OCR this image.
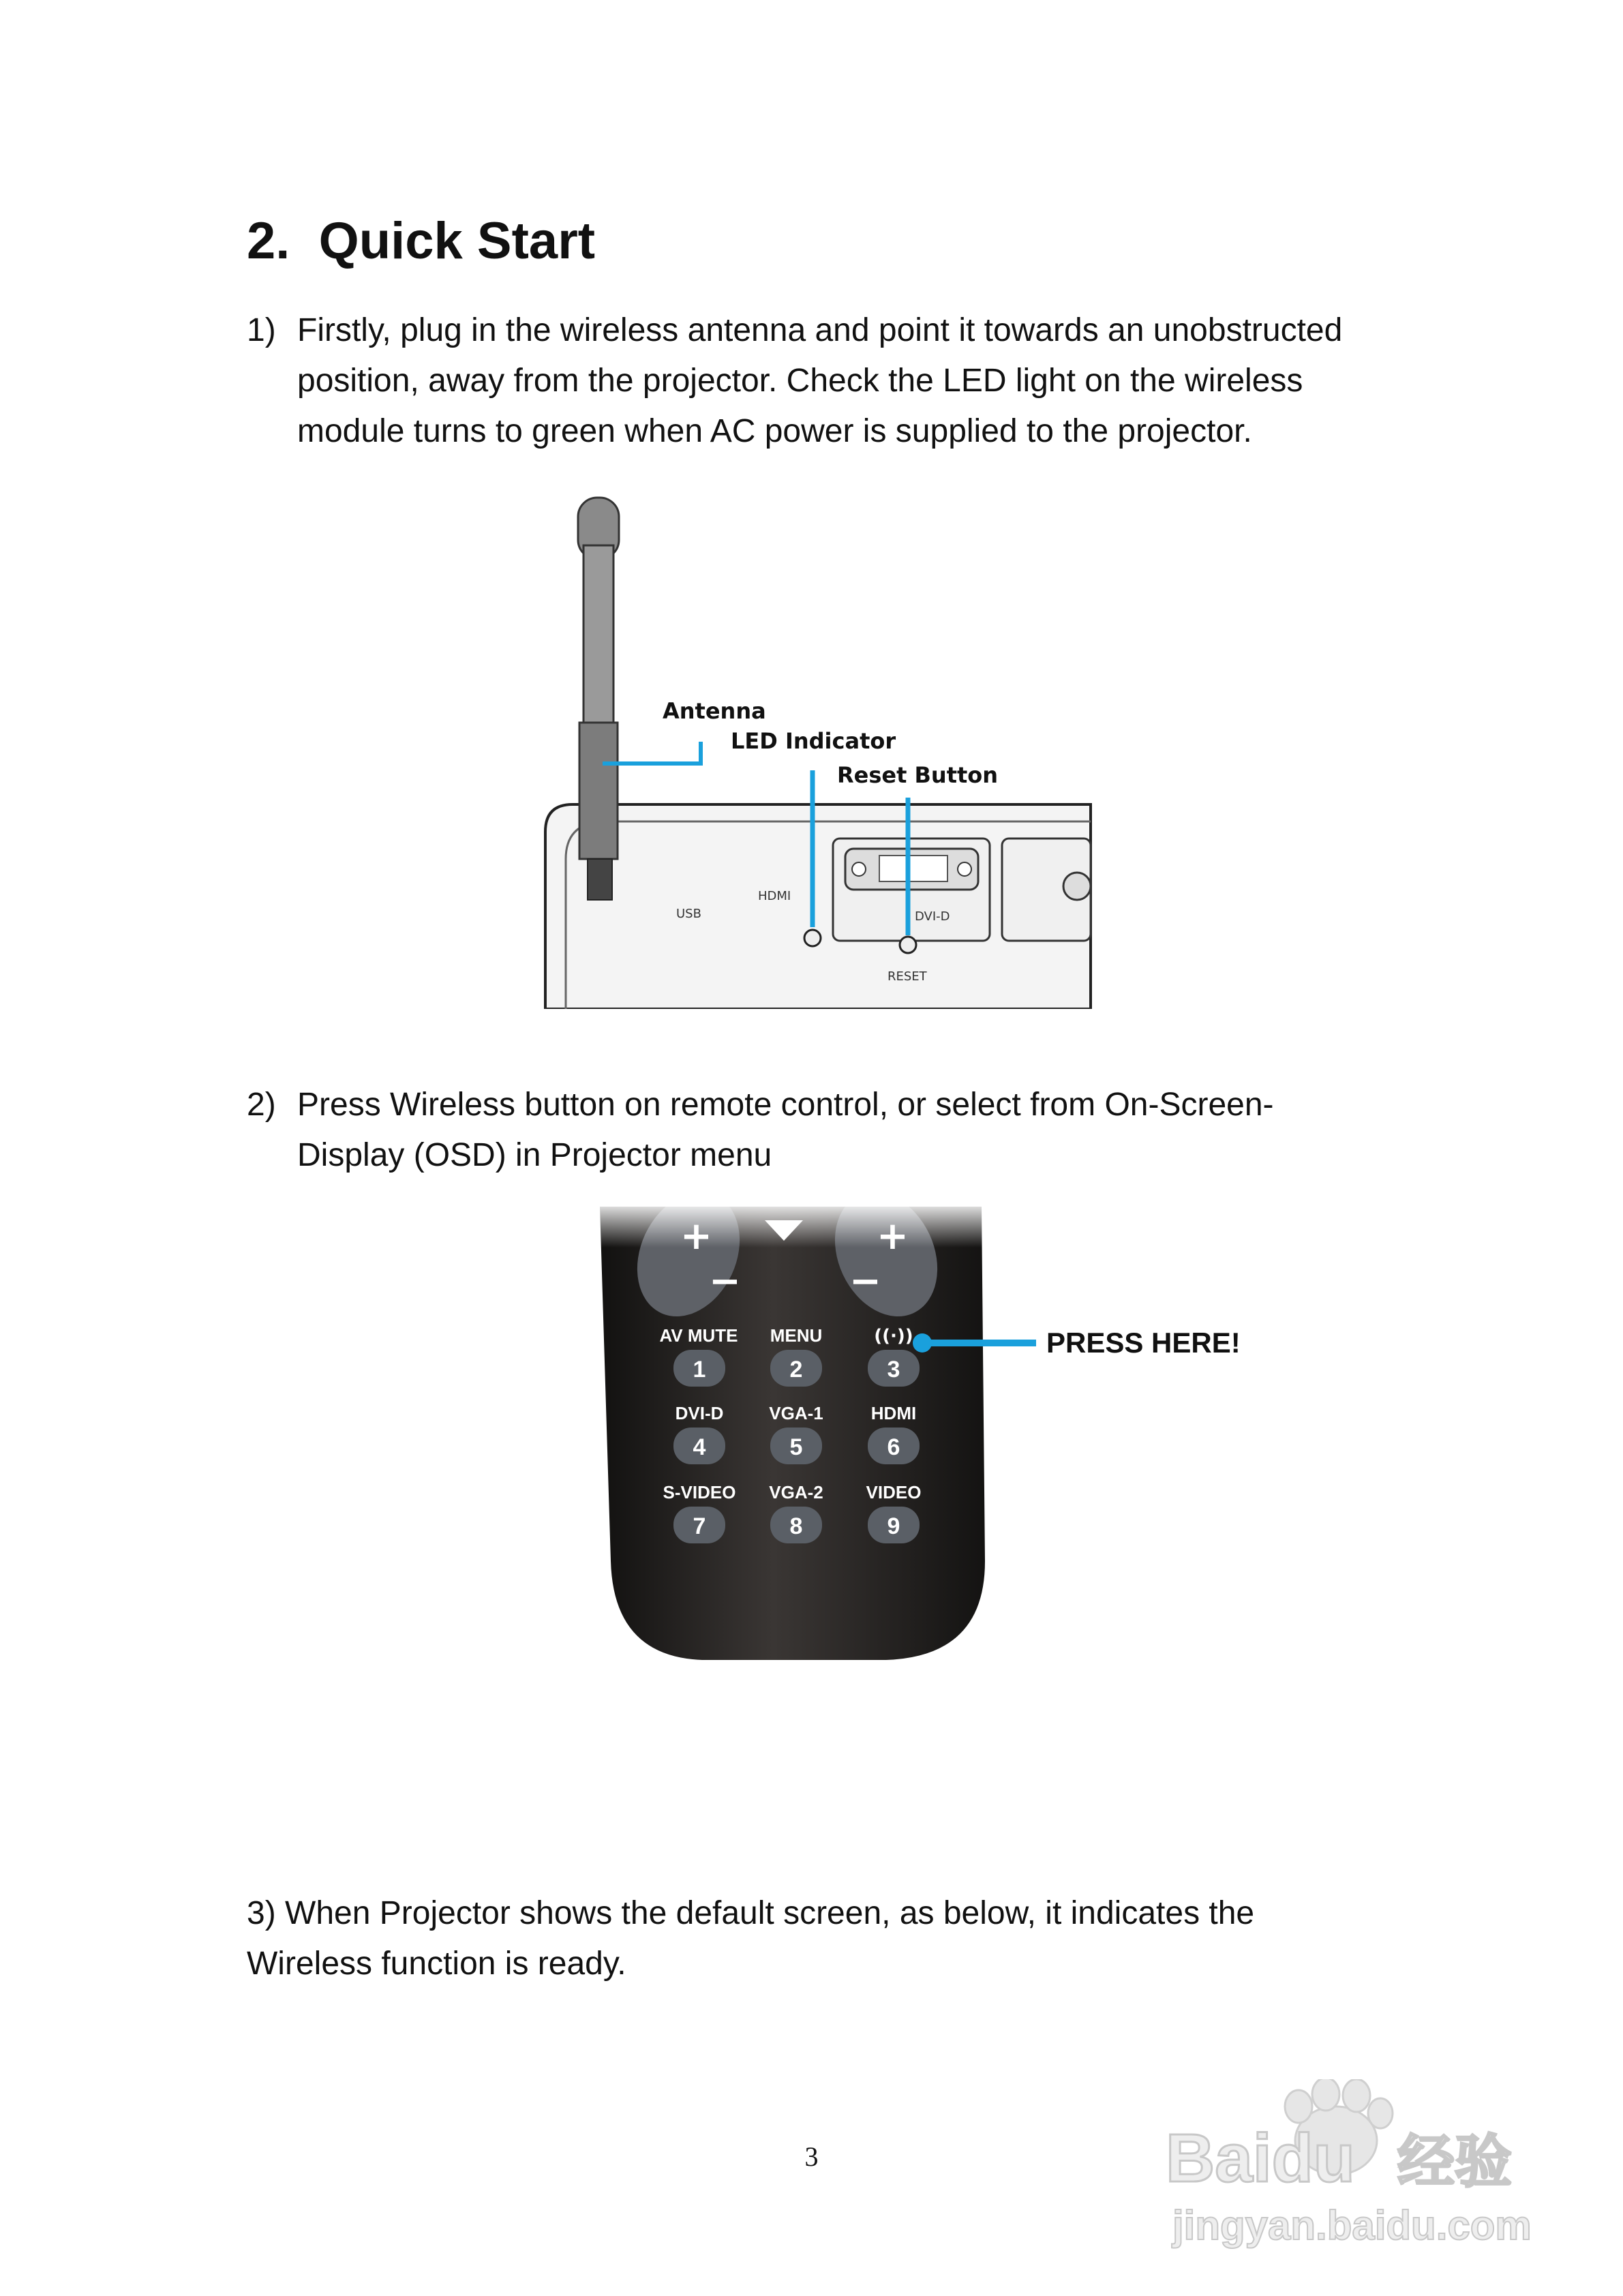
2. Quick Start
1) Firstly, plug in the wireless antenna and point it towards an unobstructed
position, away from the projector. Check the LED light on the wireless
module turns to green when AC power is supplied to the projector.
USB
HDMI
DVI-D
RESET
Antenna
LED Indicator
Reset Button
2) Press Wireless button on remote control, or select from On-Screen-
Display (OSD) in Projector menu
−	−
AV MUTE
1
MENU
2
((·))
3
DVI-D
4
VGA-1
5
HDMI
6
S-VIDEO
7
VGA-2
8
VIDEO
9
PRESS HERE!
3) When Projector shows the default screen, as below, it indicates the
Wireless function is ready.
3	Baidu 经验
jingyan.baidu.com
